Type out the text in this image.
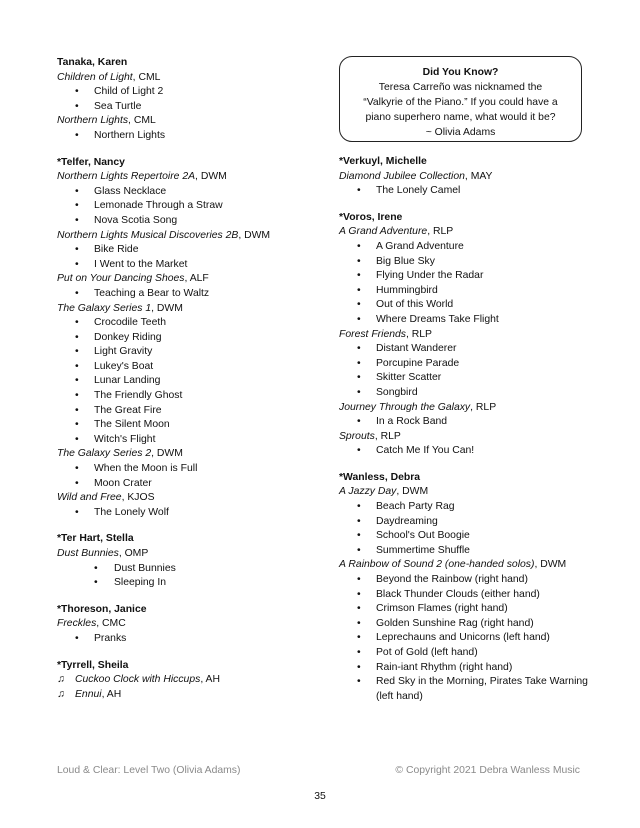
Tanaka, Karen
Children of Light, CML
• Child of Light 2
• Sea Turtle
Northern Lights, CML
• Northern Lights
*Telfer, Nancy
Northern Lights Repertoire 2A, DWM
• Glass Necklace
• Lemonade Through a Straw
• Nova Scotia Song
Northern Lights Musical Discoveries 2B, DWM
• Bike Ride
• I Went to the Market
Put on Your Dancing Shoes, ALF
• Teaching a Bear to Waltz
The Galaxy Series 1, DWM
• Crocodile Teeth
• Donkey Riding
• Light Gravity
• Lukey's Boat
• Lunar Landing
• The Friendly Ghost
• The Great Fire
• The Silent Moon
• Witch's Flight
The Galaxy Series 2, DWM
• When the Moon is Full
• Moon Crater
Wild and Free, KJOS
• The Lonely Wolf
*Ter Hart, Stella
Dust Bunnies, OMP
• Dust Bunnies
• Sleeping In
*Thoreson, Janice
Freckles, CMC
• Pranks
*Tyrrell, Sheila
♫ Cuckoo Clock with Hiccups, AH
♫ Ennui, AH
Did You Know?
Teresa Carreño was nicknamed the
“Valkyrie of the Piano.” If you could have a
piano superhero name, what would it be?
~ Olivia Adams
*Verkuyl, Michelle
Diamond Jubilee Collection, MAY
• The Lonely Camel
*Voros, Irene
A Grand Adventure, RLP
• A Grand Adventure
• Big Blue Sky
• Flying Under the Radar
• Hummingbird
• Out of this World
• Where Dreams Take Flight
Forest Friends, RLP
• Distant Wanderer
• Porcupine Parade
• Skitter Scatter
• Songbird
Journey Through the Galaxy, RLP
• In a Rock Band
Sprouts, RLP
• Catch Me If You Can!
*Wanless, Debra
A Jazzy Day, DWM
• Beach Party Rag
• Daydreaming
• School's Out Boogie
• Summertime Shuffle
A Rainbow of Sound 2 (one-handed solos), DWM
• Beyond the Rainbow (right hand)
• Black Thunder Clouds (either hand)
• Crimson Flames (right hand)
• Golden Sunshine Rag (right hand)
• Leprechauns and Unicorns (left hand)
• Pot of Gold (left hand)
• Rain-iant Rhythm (right hand)
• Red Sky in the Morning, Pirates Take Warning (left hand)
Loud & Clear: Level Two (Olivia Adams)	© Copyright 2021 Debra Wanless Music
35
